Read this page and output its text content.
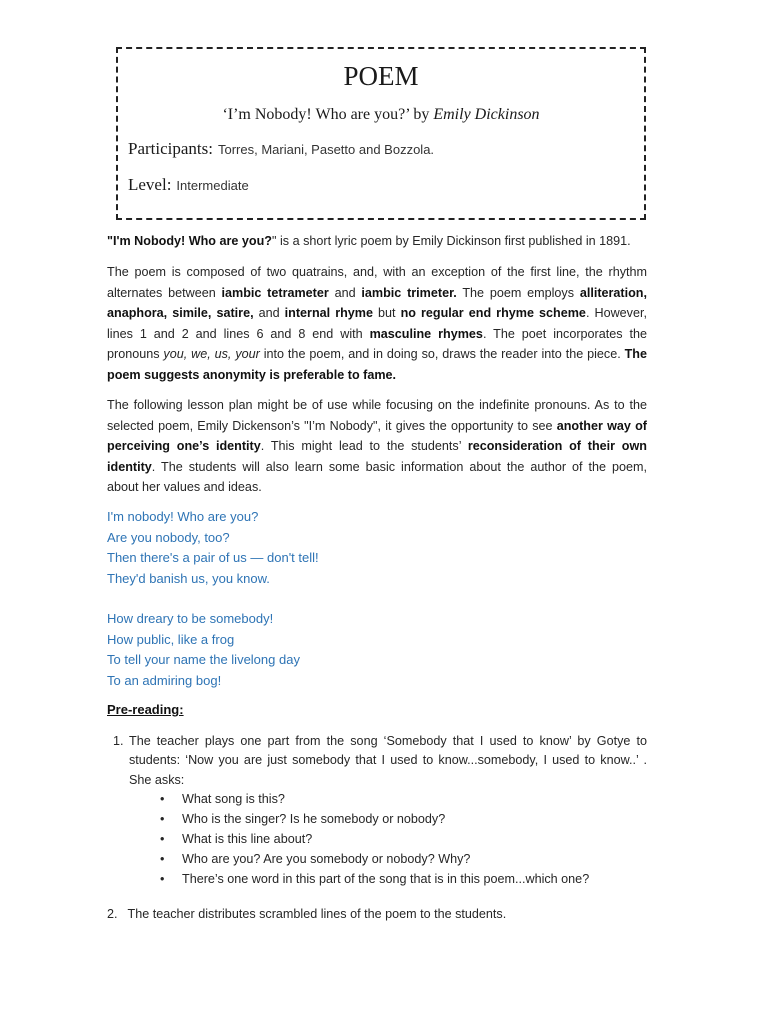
POEM
‘I’m Nobody! Who are you?’ by Emily Dickinson
Participants: Torres, Mariani, Pasetto and Bozzola.
Level: Intermediate
"I'm Nobody! Who are you?" is a short lyric poem by Emily Dickinson first published in 1891.
The poem is composed of two quatrains, and, with an exception of the first line, the rhythm alternates between iambic tetrameter and iambic trimeter. The poem employs alliteration, anaphora, simile, satire, and internal rhyme but no regular end rhyme scheme. However, lines 1 and 2 and lines 6 and 8 end with masculine rhymes. The poet incorporates the pronouns you, we, us, your into the poem, and in doing so, draws the reader into the piece. The poem suggests anonymity is preferable to fame.
The following lesson plan might be of use while focusing on the indefinite pronouns. As to the selected poem, Emily Dickenson’s "I’m Nobody", it gives the opportunity to see another way of perceiving one’s identity. This might lead to the students’ reconsideration of their own identity. The students will also learn some basic information about the author of the poem, about her values and ideas.
I'm nobody! Who are you?
Are you nobody, too?
Then there's a pair of us — don't tell!
They'd banish us, you know.
How dreary to be somebody!
How public, like a frog
To tell your name the livelong day
To an admiring bog!
Pre-reading:
1. The teacher plays one part from the song ‘Somebody that I used to know’ by Gotye to students: ‘Now you are just somebody that I used to know...somebody, I used to know..’ . She asks:
• What song is this?
• Who is the singer? Is he somebody or nobody?
• What is this line about?
• Who are you? Are you somebody or nobody? Why?
• There’s one word in this part of the song that is in this poem...which one?
2. The teacher distributes scrambled lines of the poem to the students.
